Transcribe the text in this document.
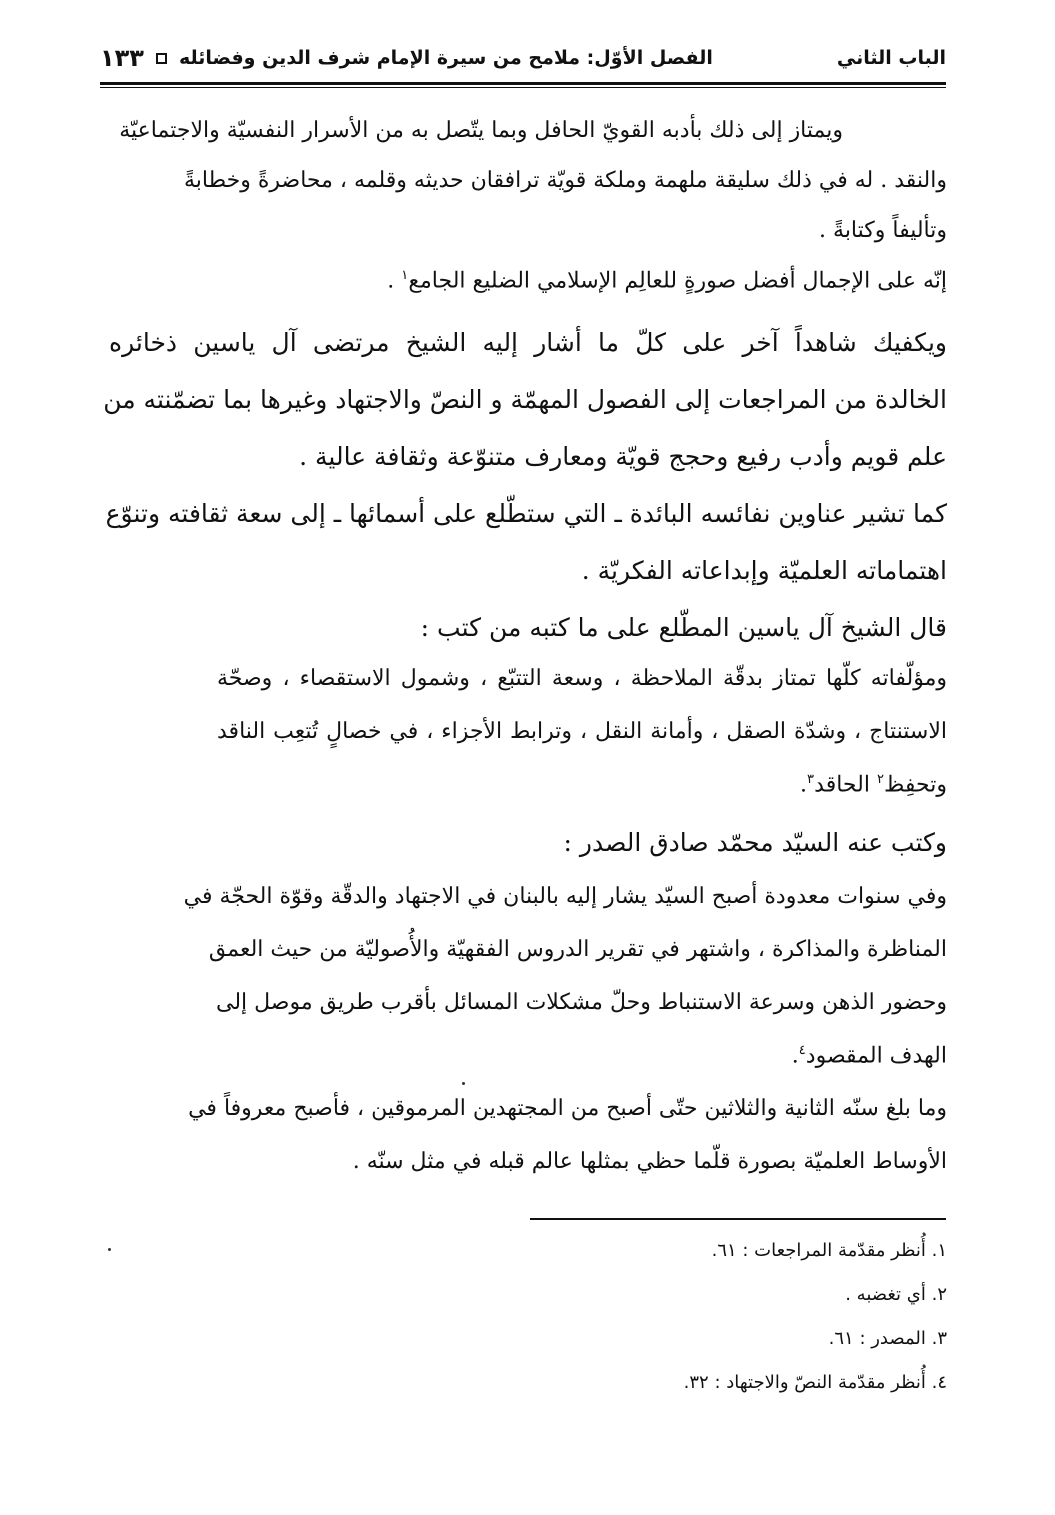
الباب الثاني
الفصل الأوّل: ملامح من سيرة الإمام شرف الدين وفضائله
١٣٣
ويمتاز إلى ذلك بأدبه القويّ الحافل وبما يتّصل به من الأسرار النفسيّة والاجتماعيّة
والنقد . له في ذلك سليقة ملهمة وملكة قويّة ترافقان حديثه وقلمه ، محاضرةً وخطابةً
وتأليفاً وكتابةً .
إنّه على الإجمال أفضل صورةٍ للعالِم الإسلامي الضليع الجامع$^١$ .
ويكفيك شاهداً آخر على كلّ ما أشار إليه الشيخ مرتضى آل ياسين ذخائره
الخالدة من المراجعات إلى الفصول المهمّة و النصّ والاجتهاد وغيرها بما تضمّنته من
علم قويم وأدب رفيع وحجج قويّة ومعارف متنوّعة وثقافة عالية .
كما تشير عناوين نفائسه البائدة ـ التي ستطّلع على أسمائها ـ إلى سعة ثقافته وتنوّع
اهتماماته العلميّة وإبداعاته الفكريّة .
قال الشيخ آل ياسين المطّلع على ما كتبه من كتب :
ومؤلّفاته كلّها تمتاز بدقّة الملاحظة ، وسعة التتبّع ، وشمول الاستقصاء ، وصحّة
الاستنتاج ، وشدّة الصقل ، وأمانة النقل ، وترابط الأجزاء ، في خصالٍ تُتعِب الناقد
وتحفِظ$^٢$ الحاقد$^٣$.
وكتب عنه السيّد محمّد صادق الصدر :
وفي سنوات معدودة أصبح السيّد يشار إليه بالبنان في الاجتهاد والدقّة وقوّة الحجّة في
المناظرة والمذاكرة ، واشتهر في تقرير الدروس الفقهيّة والأُصوليّة من حيث العمق
وحضور الذهن وسرعة الاستنباط وحلّ مشكلات المسائل بأقرب طريق موصل إلى
الهدف المقصود$^٤$.
وما بلغ سنّه الثانية والثلاثين حتّى أصبح من المجتهدين المرموقين ، فأصبح معروفاً في
الأوساط العلميّة بصورة قلّما حظي بمثلها عالم قبله في مثل سنّه .
١. أُنظر مقدّمة المراجعات : ٦١.
٢. أي تغضبه .
٣. المصدر : ٦١.
٤. أُنظر مقدّمة النصّ والاجتهاد : ٣٢.
